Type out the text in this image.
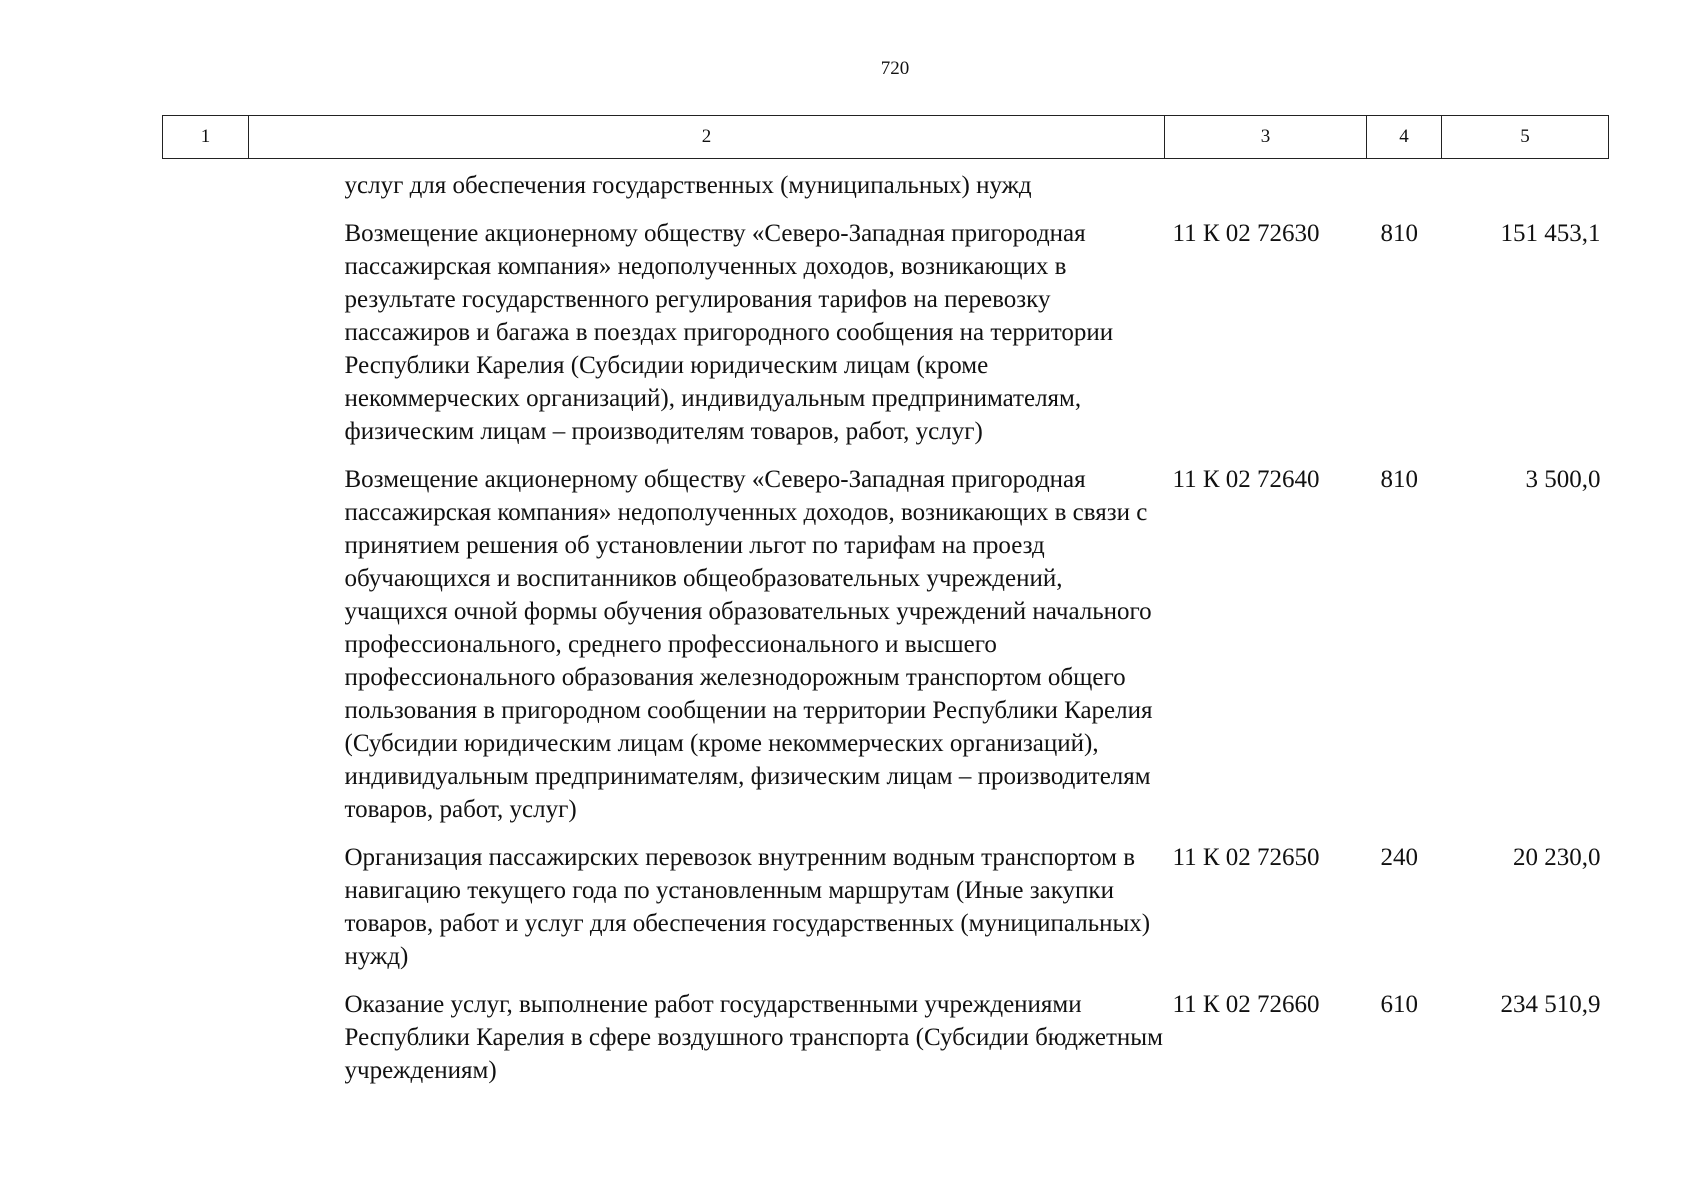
720
1	2	3	4	5
	услуг для обеспечения государственных (муниципальных) нужд			
	Возмещение акционерному обществу «Северо-Западная пригородная пассажирская компания» недополученных доходов, возникающих в результате государственного регулирования тарифов на перевозку пассажиров и багажа в поездах пригородного сообщения на территории Республики Карелия (Субсидии юридическим лицам (кроме некоммерческих организаций), индивидуальным предпринимателям, физическим лицам – производителям товаров, работ, услуг)	11 К 02 72630	810	151 453,1
	Возмещение акционерному обществу «Северо-Западная пригородная пассажирская компания» недополученных доходов, возникающих в связи с принятием решения об установлении льгот по тарифам на проезд обучающихся и воспитанников общеобразовательных учреждений, учащихся очной формы обучения образовательных учреждений начального профессионального, среднего профессионального и высшего профессионального образования железнодорожным транспортом общего пользования в пригородном сообщении на территории Республики Карелия (Субсидии юридическим лицам (кроме некоммерческих организаций), индивидуальным предпринимателям, физическим лицам – производителям товаров, работ, услуг)	11 К 02 72640	810	3 500,0
	Организация пассажирских перевозок внутренним водным транспортом в навигацию текущего года по установленным маршрутам (Иные закупки товаров, работ и услуг для обеспечения государственных (муниципальных) нужд)	11 К 02 72650	240	20 230,0
	Оказание услуг, выполнение работ государственными учреждениями Республики Карелия в сфере воздушного транспорта (Субсидии бюджетным учреждениям)	11 К 02 72660	610	234 510,9
